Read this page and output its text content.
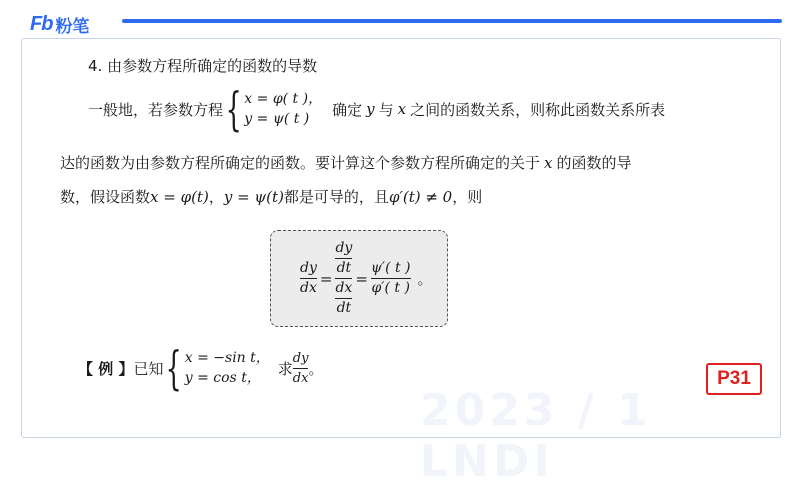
Fb 粉笔
2023 / 1 LNDI
4. 由参数方程所确定的函数的导数
一般地，若参数方程 { x = φ( t )，
y = ψ( t )
确定 y 与 x 之间的函数关系，则称此函数关系所表
达的函数为由参数方程所确定的函数。要计算这个参数方程所确定的关于 x 的函数的导
数，假设函数 x = φ(t) ， y = ψ(t) 都是可导的，且 φ′(t) ≠ 0 ，则
$\frac{dy}{dx}$ =
dy
dt
dx
dt
= $\frac{\psi'( t )}{\varphi'( t )}$ 。
【 例 】 已知 { x = −sin t，
y = cos t，
求 $\frac{dy}{dx}$ 。	P31
